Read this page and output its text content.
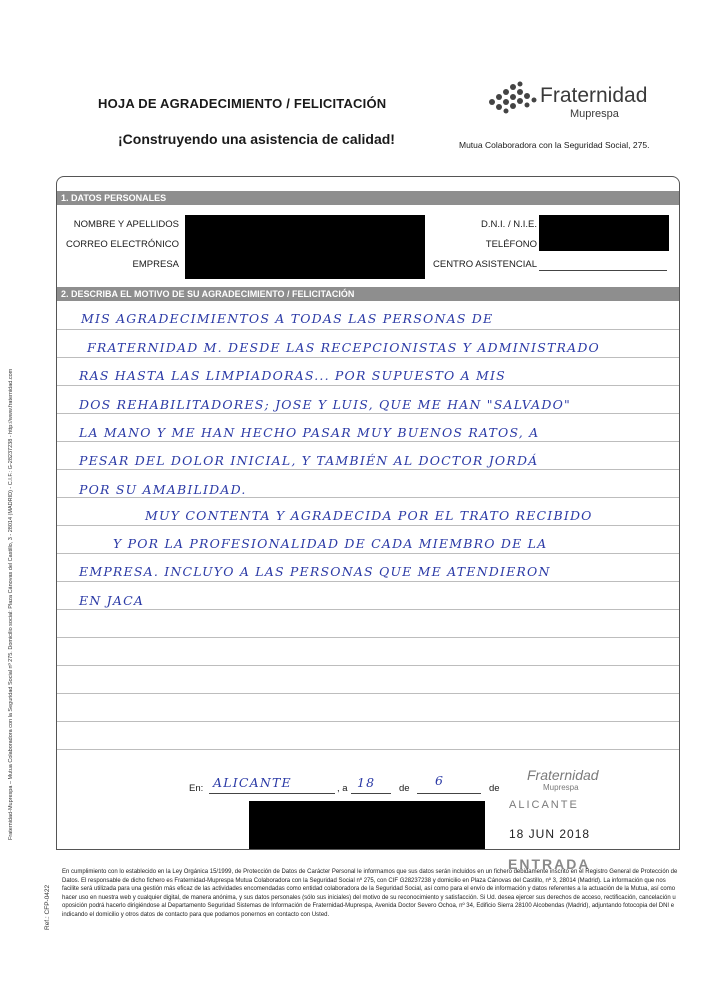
HOJA DE AGRADECIMIENTO / FELICITACIÓN
¡Construyendo una asistencia de calidad!
Fraternidad
Muprespa
Mutua Colaboradora con la Seguridad Social, 275.
Fraternidad-Muprespa – Mutua Colaboradora con la Seguridad Social nº 275. Domicilio social: Plaza Cánovas del Castillo, 3 - 28014 (MADRID) - C.I.F.: G-28237238 - http://www.fraternidad.com
Ref.: CFP-0422
1. DATOS PERSONALES
NOMBRE Y APELLIDOS
CORREO ELECTRÓNICO
EMPRESA
D.N.I. / N.I.E.
TELÉFONO
CENTRO ASISTENCIAL
2. DESCRIBA EL MOTIVO DE SU AGRADECIMIENTO / FELICITACIÓN
MIS AGRADECIMIENTOS A TODAS LAS PERSONAS DE
FRATERNIDAD M. DESDE LAS RECEPCIONISTAS Y ADMINISTRADO
RAS HASTA LAS LIMPIADORAS... POR SUPUESTO A MIS
DOS REHABILITADORES; JOSE Y LUIS, QUE ME HAN "SALVADO"
LA MANO Y ME HAN HECHO PASAR MUY BUENOS RATOS, A
PESAR DEL DOLOR INICIAL, Y TAMBIÉN AL DOCTOR JORDÁ
POR SU AMABILIDAD.
MUY CONTENTA Y AGRADECIDA POR EL TRATO RECIBIDO
Y POR LA PROFESIONALIDAD DE CADA MIEMBRO DE LA
EMPRESA. INCLUYO A LAS PERSONAS QUE ME ATENDIERON
EN JACA
En: ALICANTE	, a 18 de
6
de
Fraternidad
Muprespa
ALICANTE
18 JUN 2018
ENTRADA
En cumplimiento con lo establecido en la Ley Orgánica 15/1999, de Protección de Datos de Carácter Personal le informamos que sus datos serán incluidos en un fichero debidamente inscrito en el Registro General de Protección de Datos. El responsable de dicho fichero es Fraternidad-Muprespa Mutua Colaboradora con la Seguridad Social nº 275, con CIF G28237238 y domicilio en Plaza Cánovas del Castillo, nº 3, 28014 (Madrid). La información que nos facilite será utilizada para una gestión más eficaz de las actividades encomendadas como entidad colaboradora de la Seguridad Social, así como para el envío de información y datos referentes a la actuación de la Mutua, así como hacer uso en nuestra web y cualquier digital, de manera anónima, y sus datos personales (sólo sus iniciales) del motivo de su reconocimiento y satisfacción. Si Ud. desea ejercer sus derechos de acceso, rectificación, cancelación u oposición podrá hacerlo dirigiéndose al Departamento Seguridad Sistemas de Información de Fraternidad-Muprespa, Avenida Doctor Severo Ochoa, nº 34, Edificio Sierra 28100 Alcobendas (Madrid), adjuntando fotocopia del DNI e indicando el domicilio y otros datos de contacto para que podamos ponernos en contacto con Usted.
